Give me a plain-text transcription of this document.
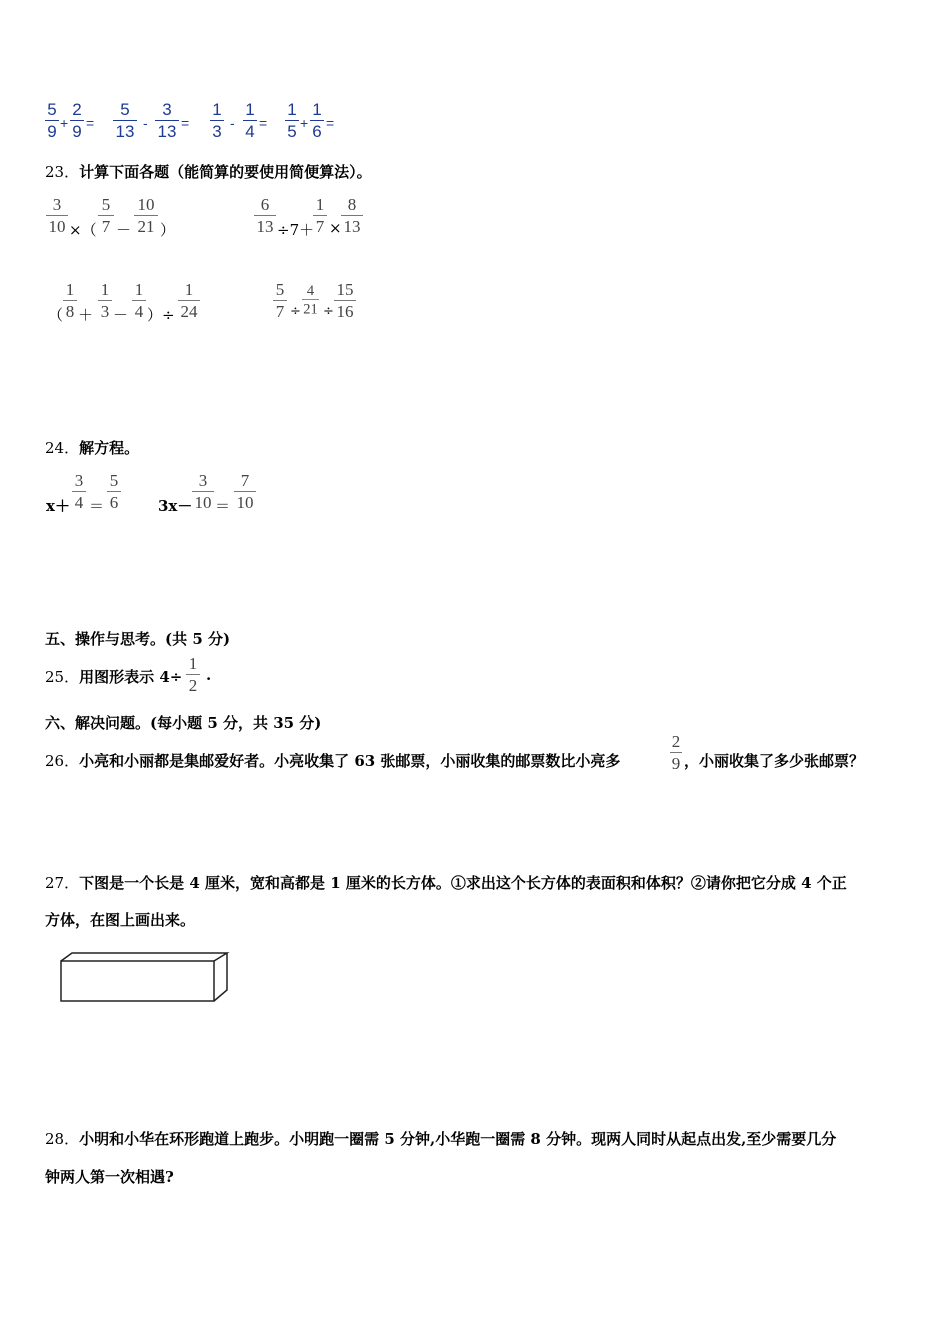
5
9 +
2
9 =
5
13 -
3
13 =
1
3 -
1
4 =
1
5 +
1
6 =
23．计算下面各题（能简算的要使用简便算法）。
3
10 ×（
5
7 －
10
21 ）
6
13 ÷7＋
1
7 ×
8
13
（
1
8 ＋
1
3 －
1
4 ）÷
1
24
5
7 ÷
4
21 ÷
15
16
24．解方程。
x＋
3
4 ＝
5
6	3x－
3
10 ＝
7
10
五、操作与思考。(共 5 分)
25．用图形表示 4÷
1
2
.
六、解决问题。(每小题 5 分，共 35 分)
26．小亮和小丽都是集邮爱好者。小亮收集了 63 张邮票，小丽收集的邮票数比小亮多
2
9 ，小丽收集了多少张邮票？
27．下图是一个长是 4 厘米，宽和高都是 1 厘米的长方体。①求出这个长方体的表面积和体积？②请你把它分成 4 个正
方体，在图上画出来。
28．小明和小华在环形跑道上跑步。小明跑一圈需 5 分钟,小华跑一圈需 8 分钟。现两人同时从起点出发,至少需要几分
钟两人第一次相遇?
